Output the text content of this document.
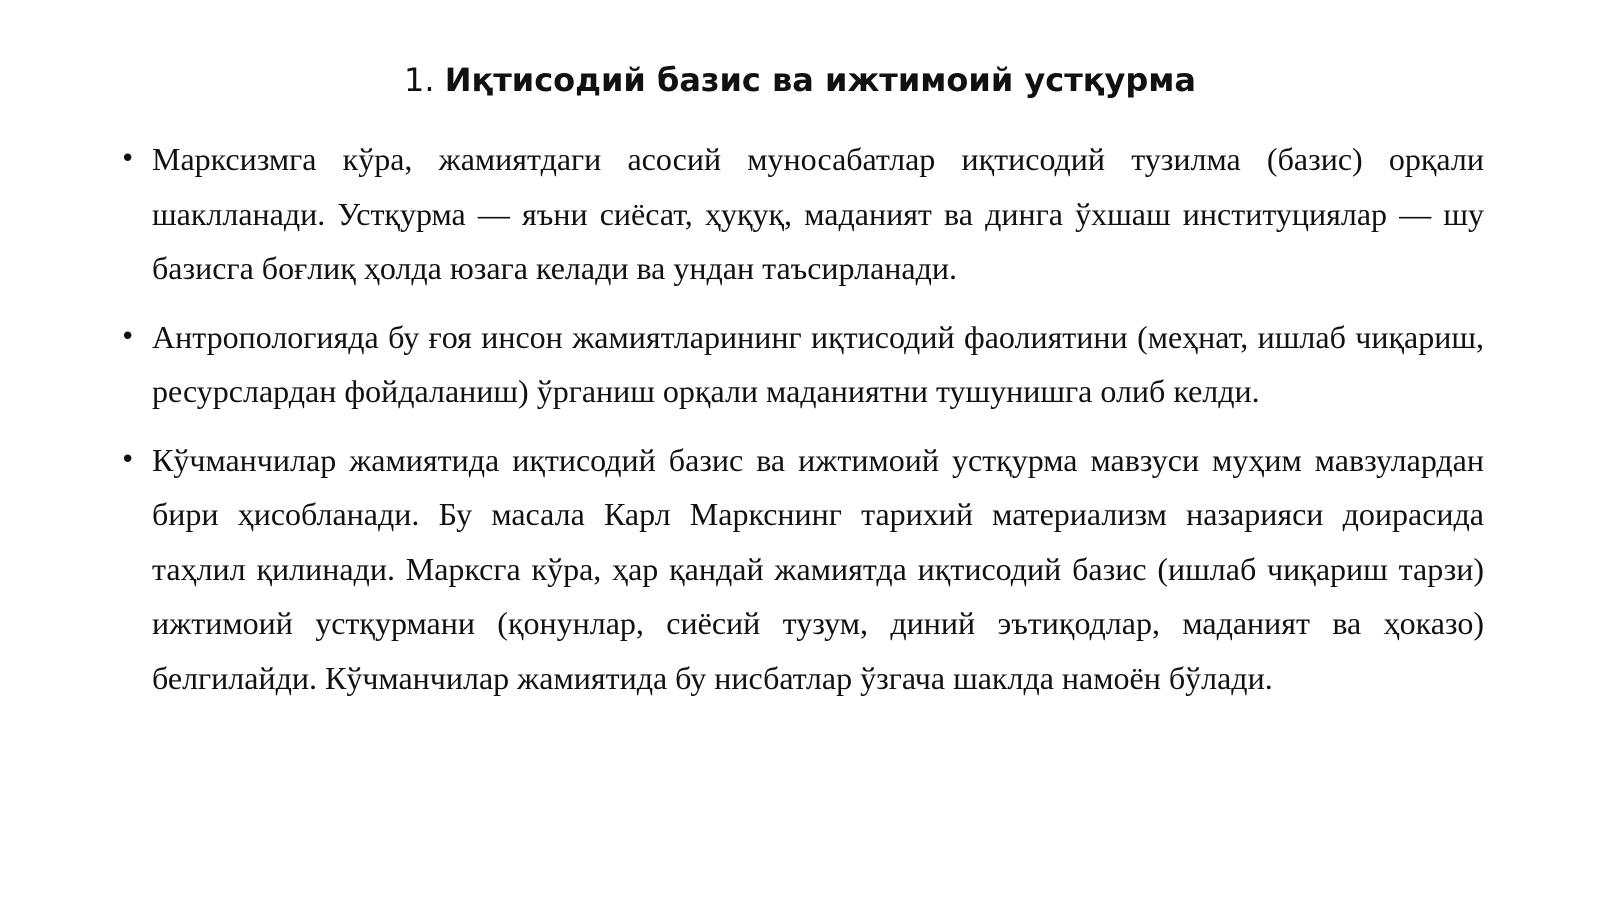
1. Иқтисодий базис ва ижтимоий устқурма
• Марксизмга кўра, жамиятдаги асосий муносабатлар иқтисодий тузилма (базис) орқали шаклланади. Устқурма — яъни сиёсат, ҳуқуқ, маданият ва динга ўхшаш институциялар — шу базисга боғлиқ ҳолда юзага келади ва ундан таъсирланади.
• Антропологияда бу ғоя инсон жамиятларининг иқтисодий фаолиятини (меҳнат, ишлаб чиқариш, ресурслардан фойдаланиш) ўрганиш орқали маданиятни тушунишга олиб келди.
• Кўчманчилар жамиятида иқтисодий базис ва ижтимоий устқурма мавзуси муҳим мавзулардан бири ҳисобланади. Бу масала Карл Маркснинг тарихий материализм назарияси доирасида таҳлил қилинади. Марксга кўра, ҳар қандай жамиятда иқтисодий базис (ишлаб чиқариш тарзи) ижтимоий устқурмани (қонунлар, сиёсий тузум, диний эътиқодлар, маданият ва ҳоказо) белгилайди. Кўчманчилар жамиятида бу нисбатлар ўзгача шаклда намоён бўлади.
